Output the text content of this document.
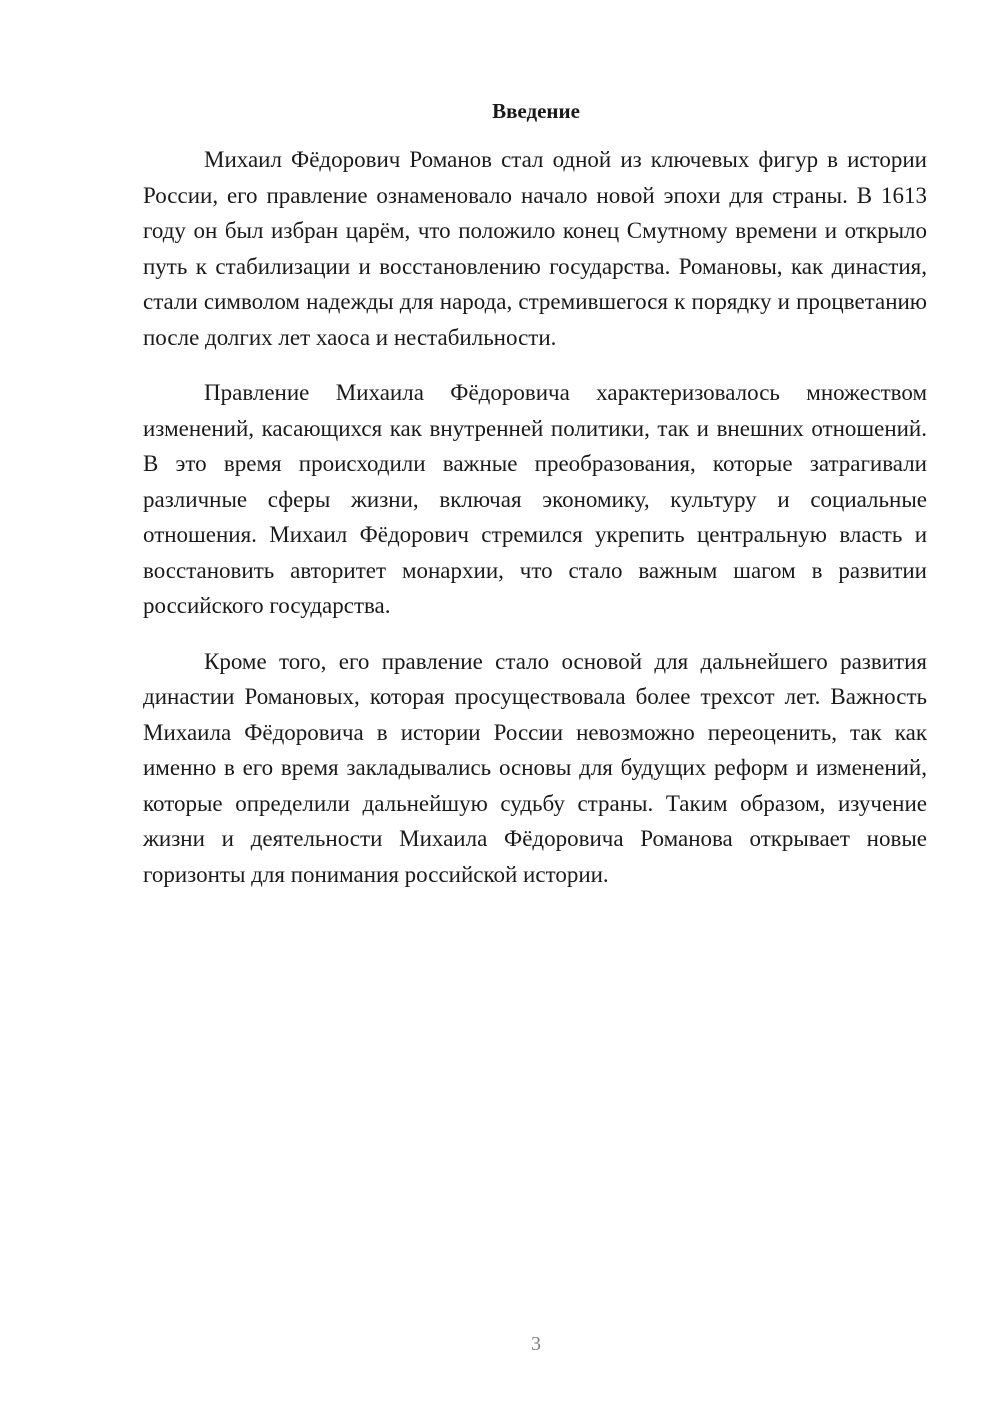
Введение

Михаил Фёдорович Романов стал одной из ключевых фигур в истории России, его правление ознаменовало начало новой эпохи для страны. В 1613 году он был избран царём, что положило конец Смутному времени и открыло путь к стабилизации и восстановлению государства. Романовы, как династия, стали символом надежды для народа, стремившегося к порядку и процветанию после долгих лет хаоса и нестабильности.

Правление Михаила Фёдоровича характеризовалось множеством изменений, касающихся как внутренней политики, так и внешних отношений. В это время происходили важные преобразования, которые затрагивали различные сферы жизни, включая экономику, культуру и социальные отношения. Михаил Фёдорович стремился укрепить центральную власть и восстановить авторитет монархии, что стало важным шагом в развитии российского государства.

Кроме того, его правление стало основой для дальнейшего развития династии Романовых, которая просуществовала более трехсот лет. Важность Михаила Фёдоровича в истории России невозможно переоценить, так как именно в его время закладывались основы для будущих реформ и изменений, которые определили дальнейшую судьбу страны. Таким образом, изучение жизни и деятельности Михаила Фёдоровича Романова открывает новые горизонты для понимания российской истории.

3
